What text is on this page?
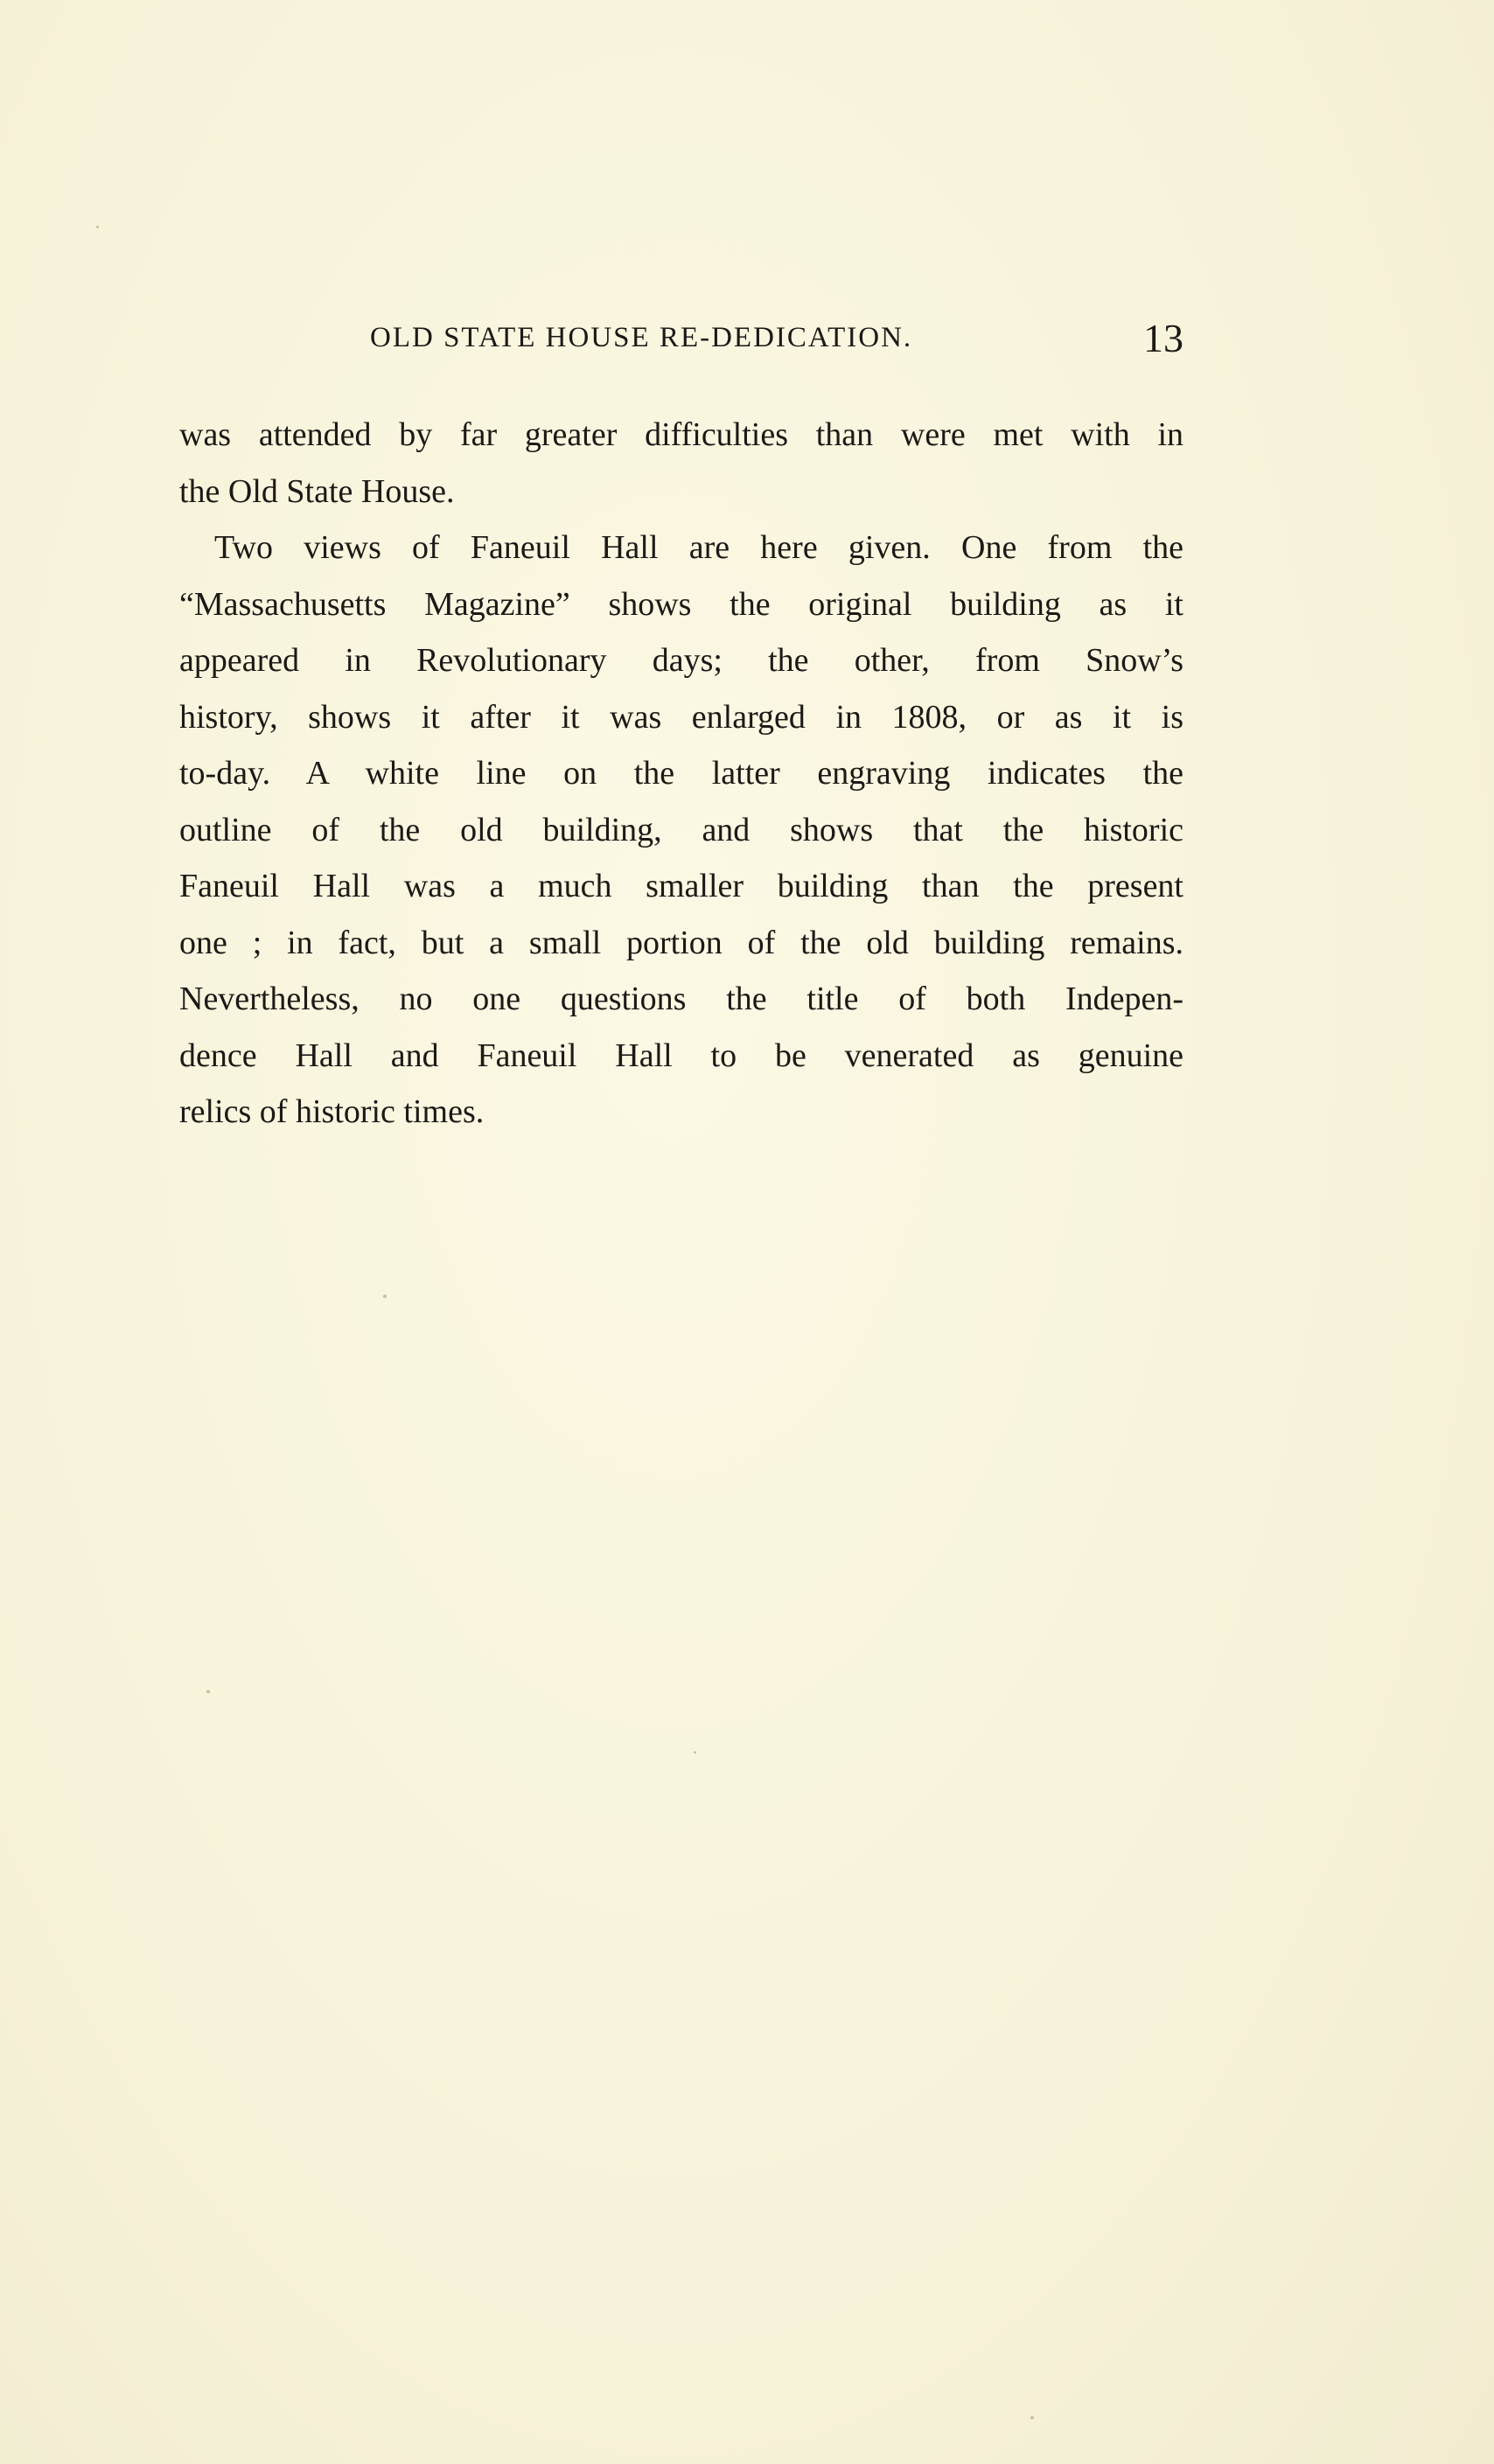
OLD STATE HOUSE RE-DEDICATION.	13
was attended by far greater difficulties than were met with in
the Old State House.
Two views of Faneuil Hall are here given. One from the
“Massachusetts Magazine” shows the original building as it
appeared in Revolutionary days; the other, from Snow’s
history, shows it after it was enlarged in 1808, or as it is
to-day. A white line on the latter engraving indicates the
outline of the old building, and shows that the historic
Faneuil Hall was a much smaller building than the present
one ; in fact, but a small portion of the old building remains.
Nevertheless, no one questions the title of both Indepen-
dence Hall and Faneuil Hall to be venerated as genuine
relics of historic times.
